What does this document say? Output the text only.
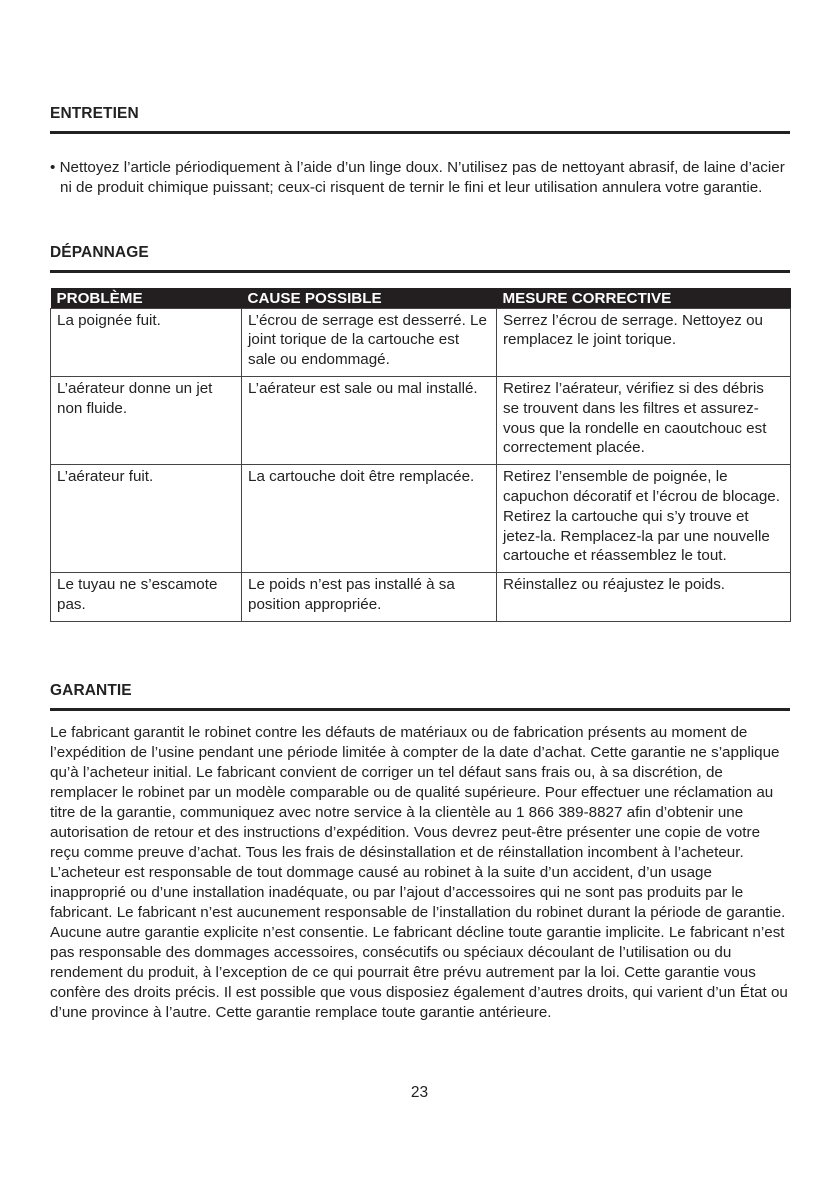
ENTRETIEN
• Nettoyez l’article périodiquement à l’aide d’un linge doux. N’utilisez pas de nettoyant abrasif, de laine d’acier ni de produit chimique puissant; ceux-ci risquent de ternir le fini et leur utilisation annulera votre garantie.
DÉPANNAGE
PROBLÈME	CAUSE POSSIBLE	MESURE CORRECTIVE
La poignée fuit.	L’écrou de serrage est desserré. Le joint torique de la cartouche est sale ou endommagé.	Serrez l’écrou de serrage. Nettoyez ou remplacez le joint torique.
L’aérateur donne un jet non fluide.	L’aérateur est sale ou mal installé.	Retirez l’aérateur, vérifiez si des débris se trouvent dans les filtres et assurez-vous que la rondelle en caoutchouc est correctement placée.
L’aérateur fuit.	La cartouche doit être remplacée.	Retirez l’ensemble de poignée, le capuchon décoratif et l’écrou de blocage. Retirez la cartouche qui s’y trouve et jetez-la. Remplacez-la par une nouvelle cartouche et réassemblez le tout.
Le tuyau ne s’escamote pas.	Le poids n’est pas installé à sa position appropriée.	Réinstallez ou réajustez le poids.
GARANTIE
Le fabricant garantit le robinet contre les défauts de matériaux ou de fabrication présents au moment de l’expédition de l’usine pendant une période limitée à compter de la date d’achat. Cette garantie ne s’applique qu’à l’acheteur initial. Le fabricant convient de corriger un tel défaut sans frais ou, à sa discrétion, de remplacer le robinet par un modèle comparable ou de qualité supérieure. Pour effectuer une réclamation au titre de la garantie, communiquez avec notre service à la clientèle au 1 866 389-8827 afin d’obtenir une autorisation de retour et des instructions d’expédition. Vous devrez peut-être présenter une copie de votre reçu comme preuve d’achat. Tous les frais de désinstallation et de réinstallation incombent à l’acheteur. L’acheteur est responsable de tout dommage causé au robinet à la suite d’un accident, d’un usage inapproprié ou d’une installation inadéquate, ou par l’ajout d’accessoires qui ne sont pas produits par le fabricant. Le fabricant n’est aucunement responsable de l’installation du robinet durant la période de garantie. Aucune autre garantie explicite n’est consentie. Le fabricant décline toute garantie implicite. Le fabricant n’est pas responsable des dommages accessoires, consécutifs ou spéciaux découlant de l’utilisation ou du rendement du produit, à l’exception de ce qui pourrait être prévu autrement par la loi. Cette garantie vous confère des droits précis. Il est possible que vous disposiez également d’autres droits, qui varient d’un État ou d’une province à l’autre. Cette garantie remplace toute garantie antérieure.
23
